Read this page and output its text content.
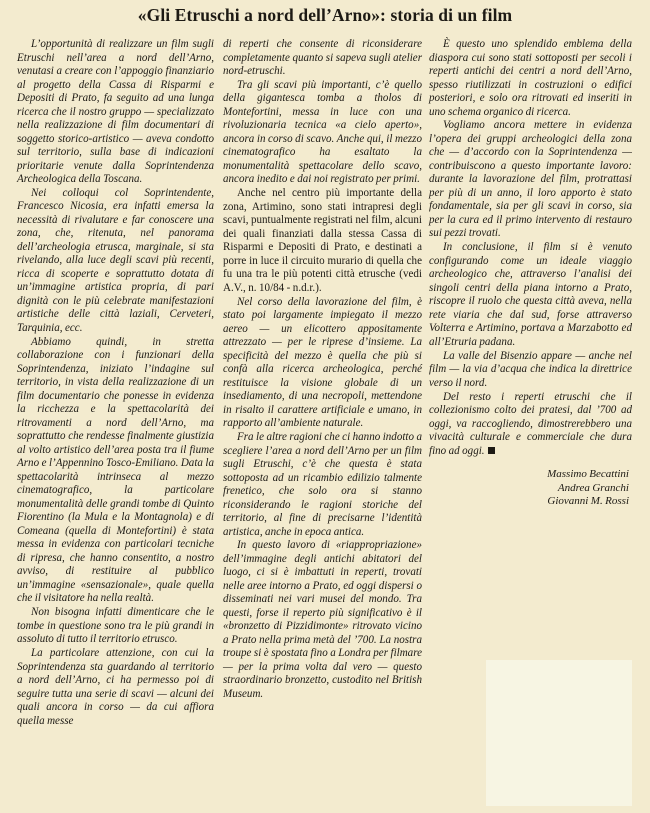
«Gli Etruschi a nord dell’Arno»: storia di un film

L’opportunità di realizzare un film sugli Etruschi nell’area a nord dell’Arno, venutasi a creare con l’appoggio finanziario al progetto della Cassa di Risparmi e Depositi di Prato, fa seguito ad una lunga ricerca che il nostro gruppo — specializzato nella realizzazione di film documentari di soggetto storico-artistico — aveva condotto sul territorio, sulla base di indicazioni prioritarie venute dalla Soprintendenza Archeologica della Toscana.

Nei colloqui col Soprintendente, Francesco Nicosia, era infatti emersa la necessità di rivalutare e far conoscere una zona, che, ritenuta, nel panorama dell’archeologia etrusca, marginale, si sta rivelando, alla luce degli scavi più recenti, ricca di scoperte e soprattutto dotata di un’immagine artistica propria, di pari dignità con le più celebrate manifestazioni artistiche delle città laziali, Cerveteri, Tarquinia, ecc.

Abbiamo quindi, in stretta collaborazione con i funzionari della Soprintendenza, iniziato l’indagine sul territorio, in vista della realizzazione di un film documentario che ponesse in evidenza la ricchezza e la spettacolarità dei ritrovamenti a nord dell’Arno, ma soprattutto che rendesse finalmente giustizia al volto artistico dell’area posta tra il fiume Arno e l’Appennino Tosco-Emiliano. Data la spettacolarità intrinseca al mezzo cinematografico, la particolare monumentalità delle grandi tombe di Quinto Fiorentino (la Mula e la Montagnola) e di Comeana (quella di Montefortini) è stata messa in evidenza con particolari tecniche di ripresa, che hanno consentito, a nostro avviso, di restituire al pubblico un’immagine «sensazionale», quale quella che il visitatore ha nella realtà.

Non bisogna infatti dimenticare che le tombe in questione sono tra le più grandi in assoluto di tutto il territorio etrusco.

La particolare attenzione, con cui la Soprintendenza sta guardando al territorio a nord dell’Arno, ci ha permesso poi di seguire tutta una serie di scavi — alcuni dei quali ancora in corso — da cui affiora quella messe

di reperti che consente di riconsiderare completamente quanto si sapeva sugli atelier nord-etruschi.

Tra gli scavi più importanti, c’è quello della gigantesca tomba a tholos di Montefortini, messa in luce con una rivoluzionaria tecnica «a cielo aperto», ancora in corso di scavo. Anche qui, il mezzo cinematografico ha esaltato la monumentalità spettacolare dello scavo, ancora inedito e dai noi registrato per primi.

Anche nel centro più importante della zona, Artimino, sono stati intrapresi degli scavi, puntualmente registrati nel film, alcuni dei quali finanziati dalla stessa Cassa di Risparmi e Depositi di Prato, e destinati a porre in luce il circuito murario di quella che fu una tra le più potenti città etrusche (vedi A.V., n. 10/84 - n.d.r.).

Nel corso della lavorazione del film, è stato poi largamente impiegato il mezzo aereo — un elicottero appositamente attrezzato — per le riprese d’insieme. La specificità del mezzo è quella che più si confà alla ricerca archeologica, perché restituisce la visione globale di un insediamento, di una necropoli, mettendone in risalto il carattere artificiale e umano, in rapporto all’ambiente naturale.

Fra le altre ragioni che ci hanno indotto a scegliere l’area a nord dell’Arno per un film sugli Etruschi, c’è che questa è stata sottoposta ad un ricambio edilizio talmente frenetico, che solo ora si stanno riconsiderando le ragioni storiche del territorio, al fine di precisarne l’identità artistica, anche in epoca antica.

In questo lavoro di «riappropriazione» dell’immagine degli antichi abitatori del luogo, ci si è imbattuti in reperti, trovati nelle aree intorno a Prato, ed oggi dispersi o disseminati nei vari musei del mondo. Tra questi, forse il reperto più significativo è il «bronzetto di Pizzidimonte» ritrovato vicino a Prato nella prima metà del ’700. La nostra troupe si è spostata fino a Londra per filmare — per la prima volta dal vero — questo straordinario bronzetto, custodito nel British Museum.

È questo uno splendido emblema della diaspora cui sono stati sottoposti per secoli i reperti antichi dei centri a nord dell’Arno, spesso riutilizzati in costruzioni o edifici posteriori, e solo ora ritrovati ed inseriti in uno schema organico di ricerca.

Vogliamo ancora mettere in evidenza l’opera dei gruppi archeologici della zona che — d’accordo con la Soprintendenza — contribuiscono a questo importante lavoro: durante la lavorazione del film, protrattasi per più di un anno, il loro apporto è stato fondamentale, sia per gli scavi in corso, sia per la cura ed il primo intervento di restauro sui pezzi trovati.

In conclusione, il film si è venuto configurando come un ideale viaggio archeologico che, attraverso l’analisi dei singoli centri della piana intorno a Prato, riscopre il ruolo che questa città aveva, nella rete viaria che dal sud, forse attraverso Volterra e Artimino, portava a Marzabotto ed all’Etruria padana.

La valle del Bisenzio appare — anche nel film — la via d’acqua che indica la direttrice verso il nord.

Del resto i reperti etruschi che il collezionismo colto dei pratesi, dal ’700 ad oggi, va raccogliendo, dimostrerebbero una vivacità culturale e commerciale che dura fino ad oggi.

Massimo Becattini
Andrea Granchi
Giovanni M. Rossi
